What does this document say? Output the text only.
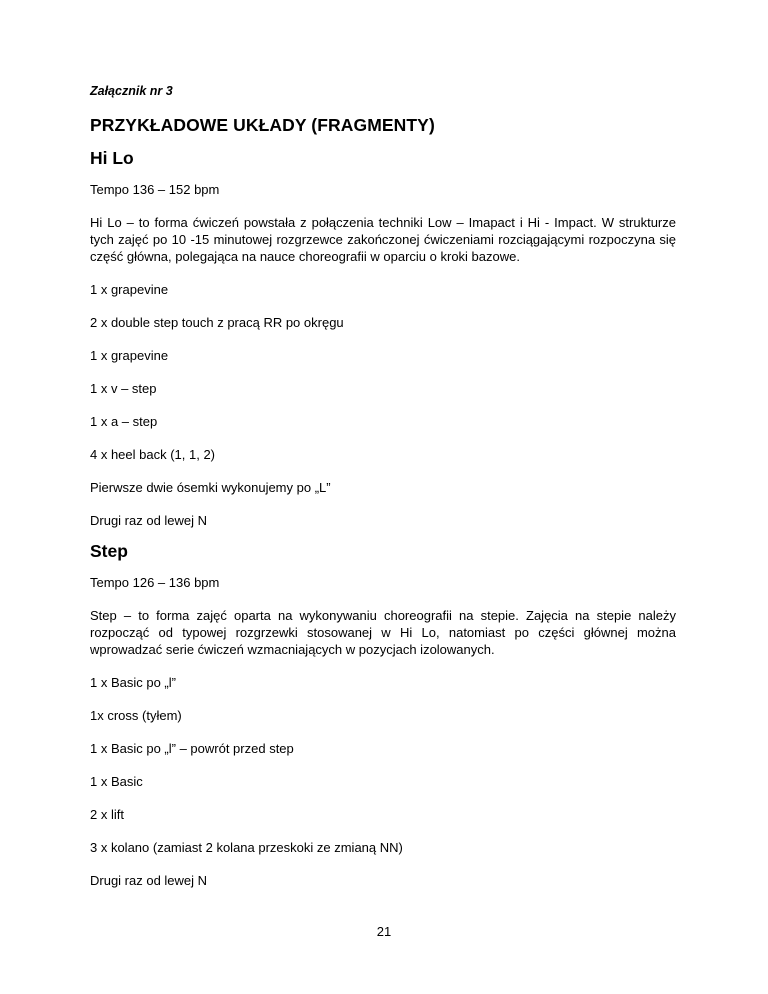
Załącznik nr 3
PRZYKŁADOWE UKŁADY (FRAGMENTY)
Hi Lo

Tempo 136 – 152 bpm

Hi Lo – to forma ćwiczeń powstała z połączenia techniki Low – Imapact i Hi - Impact. W strukturze tych zajęć po 10 -15 minutowej rozgrzewce zakończonej ćwiczeniami rozciągającymi rozpoczyna się część główna, polegająca na nauce choreografii w oparciu o kroki bazowe.

1 x grapevine

2 x double step touch z pracą RR po okręgu

1 x grapevine

1 x v – step

1 x a – step

4 x heel back (1, 1, 2)

Pierwsze dwie ósemki wykonujemy po „L”

Drugi raz od lewej N

Step

Tempo 126 – 136 bpm

Step – to forma zajęć oparta na wykonywaniu choreografii na stepie. Zajęcia na stepie należy rozpocząć od typowej rozgrzewki stosowanej w Hi Lo, natomiast po części głównej można wprowadzać serie ćwiczeń wzmacniających w pozycjach izolowanych.

1 x Basic po „l”

1x cross (tyłem)

1 x Basic po „l” – powrót przed step

1 x Basic

2 x lift

3 x kolano (zamiast 2 kolana przeskoki ze zmianą NN)

Drugi raz od lewej N

21
